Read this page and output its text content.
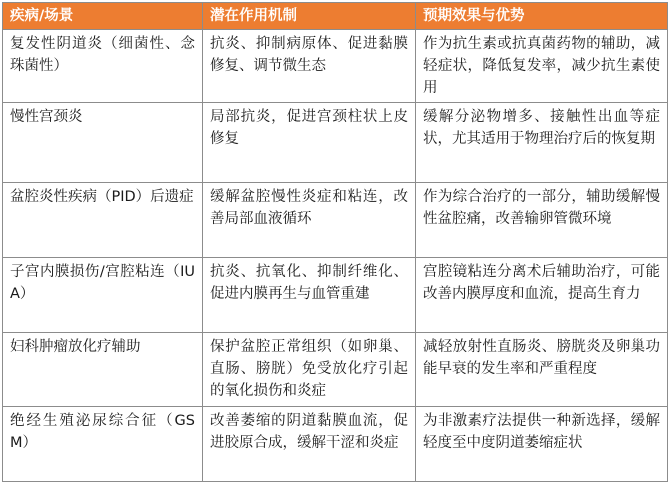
疾病/场景	潜在作用机制	预期效果与优势
复发性阴道炎（细菌性、念珠菌性）	抗炎、抑制病原体、促进黏膜修复、调节微生态	作为抗生素或抗真菌药物的辅助，减轻症状，降低复发率，减少抗生素使用
慢性宫颈炎	局部抗炎，促进宫颈柱状上皮修复	缓解分泌物增多、接触性出血等症状，尤其适用于物理治疗后的恢复期
盆腔炎性疾病（PID）后遗症	缓解盆腔慢性炎症和粘连，改善局部血液循环	作为综合治疗的一部分，辅助缓解慢性盆腔痛，改善输卵管微环境
子宫内膜损伤/宫腔粘连（IUA）	抗炎、抗氧化、抑制纤维化、促进内膜再生与血管重建	宫腔镜粘连分离术后辅助治疗，可能改善内膜厚度和血流，提高生育力
妇科肿瘤放化疗辅助	保护盆腔正常组织（如卵巢、直肠、膀胱）免受放化疗引起的氧化损伤和炎症	减轻放射性直肠炎、膀胱炎及卵巢功能早衰的发生率和严重程度
绝经生殖泌尿综合征（GSM）	改善萎缩的阴道黏膜血流，促进胶原合成，缓解干涩和炎症	为非激素疗法提供一种新选择，缓解轻度至中度阴道萎缩症状
